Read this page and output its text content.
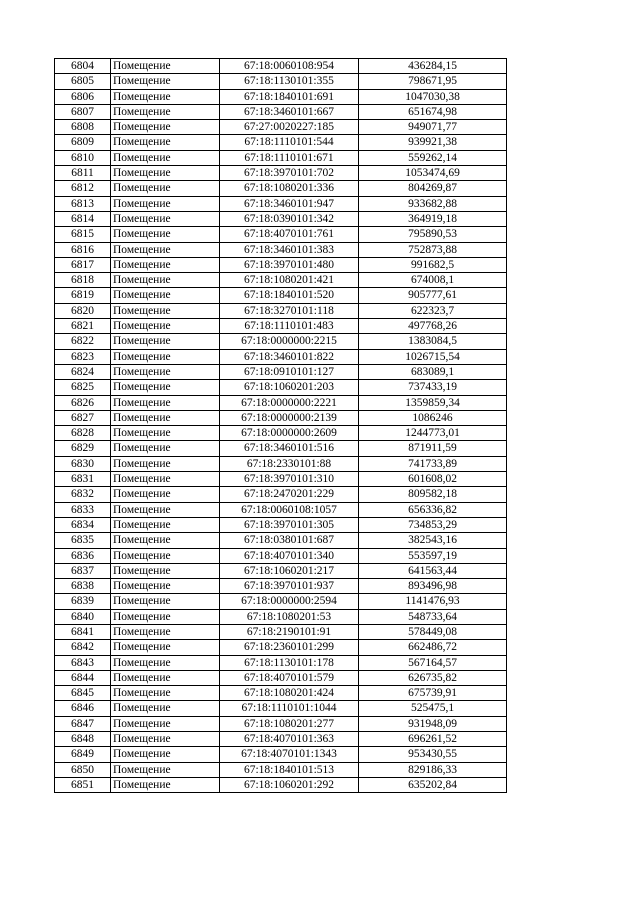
6804	Помещение	67:18:0060108:954	436284,15
6805	Помещение	67:18:1130101:355	798671,95
6806	Помещение	67:18:1840101:691	1047030,38
6807	Помещение	67:18:3460101:667	651674,98
6808	Помещение	67:27:0020227:185	949071,77
6809	Помещение	67:18:1110101:544	939921,38
6810	Помещение	67:18:1110101:671	559262,14
6811	Помещение	67:18:3970101:702	1053474,69
6812	Помещение	67:18:1080201:336	804269,87
6813	Помещение	67:18:3460101:947	933682,88
6814	Помещение	67:18:0390101:342	364919,18
6815	Помещение	67:18:4070101:761	795890,53
6816	Помещение	67:18:3460101:383	752873,88
6817	Помещение	67:18:3970101:480	991682,5
6818	Помещение	67:18:1080201:421	674008,1
6819	Помещение	67:18:1840101:520	905777,61
6820	Помещение	67:18:3270101:118	622323,7
6821	Помещение	67:18:1110101:483	497768,26
6822	Помещение	67:18:0000000:2215	1383084,5
6823	Помещение	67:18:3460101:822	1026715,54
6824	Помещение	67:18:0910101:127	683089,1
6825	Помещение	67:18:1060201:203	737433,19
6826	Помещение	67:18:0000000:2221	1359859,34
6827	Помещение	67:18:0000000:2139	1086246
6828	Помещение	67:18:0000000:2609	1244773,01
6829	Помещение	67:18:3460101:516	871911,59
6830	Помещение	67:18:2330101:88	741733,89
6831	Помещение	67:18:3970101:310	601608,02
6832	Помещение	67:18:2470201:229	809582,18
6833	Помещение	67:18:0060108:1057	656336,82
6834	Помещение	67:18:3970101:305	734853,29
6835	Помещение	67:18:0380101:687	382543,16
6836	Помещение	67:18:4070101:340	553597,19
6837	Помещение	67:18:1060201:217	641563,44
6838	Помещение	67:18:3970101:937	893496,98
6839	Помещение	67:18:0000000:2594	1141476,93
6840	Помещение	67:18:1080201:53	548733,64
6841	Помещение	67:18:2190101:91	578449,08
6842	Помещение	67:18:2360101:299	662486,72
6843	Помещение	67:18:1130101:178	567164,57
6844	Помещение	67:18:4070101:579	626735,82
6845	Помещение	67:18:1080201:424	675739,91
6846	Помещение	67:18:1110101:1044	525475,1
6847	Помещение	67:18:1080201:277	931948,09
6848	Помещение	67:18:4070101:363	696261,52
6849	Помещение	67:18:4070101:1343	953430,55
6850	Помещение	67:18:1840101:513	829186,33
6851	Помещение	67:18:1060201:292	635202,84
